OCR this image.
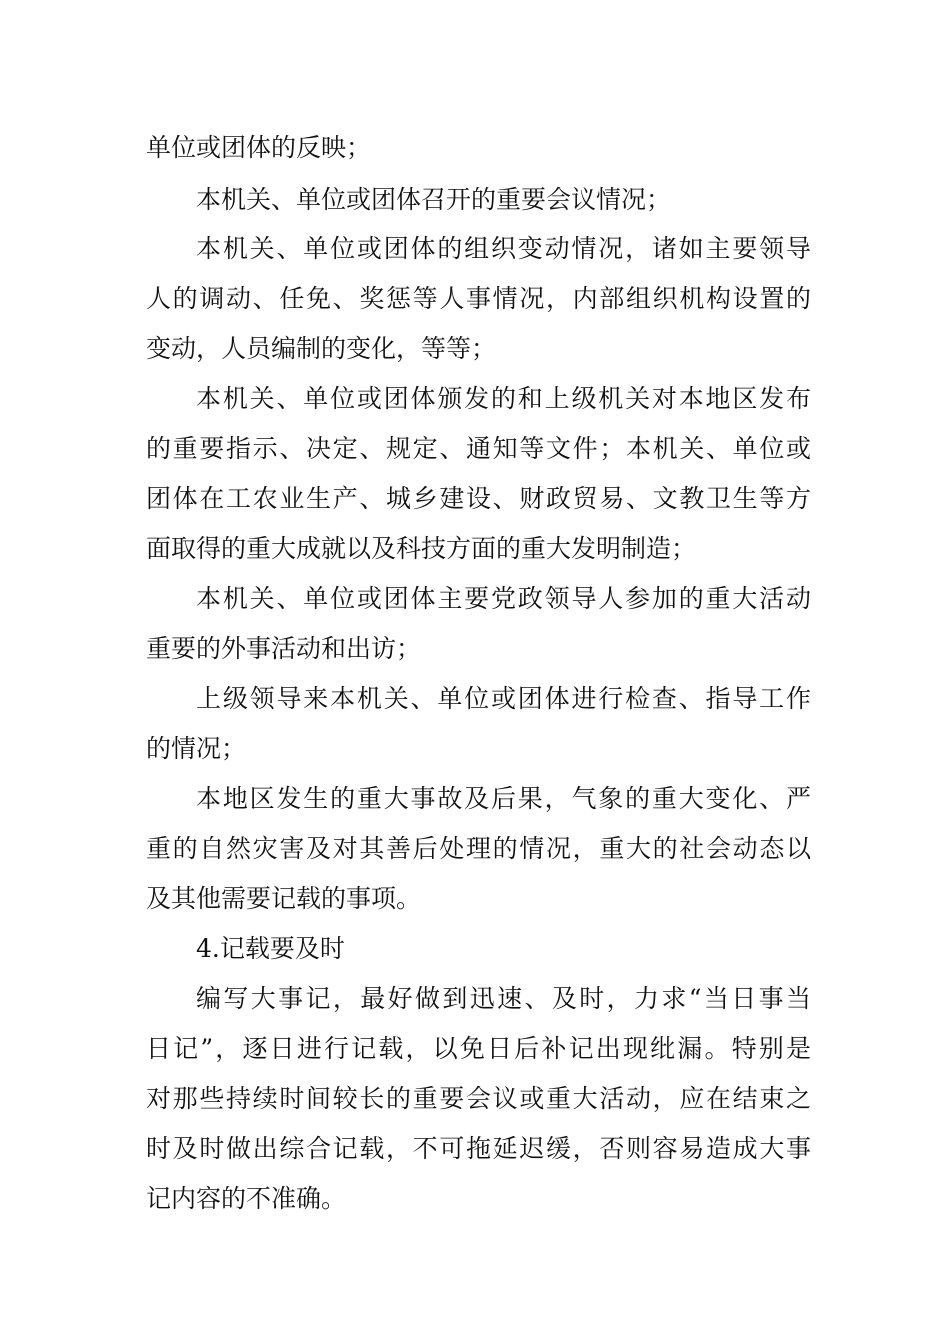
单位或团体的反映；
本机关、单位或团体召开的重要会议情况；
本机关、单位或团体的组织变动情况，诸如主要领导
人的调动、任免、奖惩等人事情况，内部组织机构设置的
变动，人员编制的变化，等等；
本机关、单位或团体颁发的和上级机关对本地区发布
的重要指示、决定、规定、通知等文件；本机关、单位或
团体在工农业生产、城乡建设、财政贸易、文教卫生等方
面取得的重大成就以及科技方面的重大发明制造；
本机关、单位或团体主要党政领导人参加的重大活动
重要的外事活动和出访；
上级领导来本机关、单位或团体进行检查、指导工作
的情况；
本地区发生的重大事故及后果，气象的重大变化、严
重的自然灾害及对其善后处理的情况，重大的社会动态以
及其他需要记载的事项。
4.记载要及时
编写大事记，最好做到迅速、及时，力求“当日事当
日记”，逐日进行记载，以免日后补记出现纰漏。特别是
对那些持续时间较长的重要会议或重大活动，应在结束之
时及时做出综合记载，不可拖延迟缓，否则容易造成大事
记内容的不准确。
